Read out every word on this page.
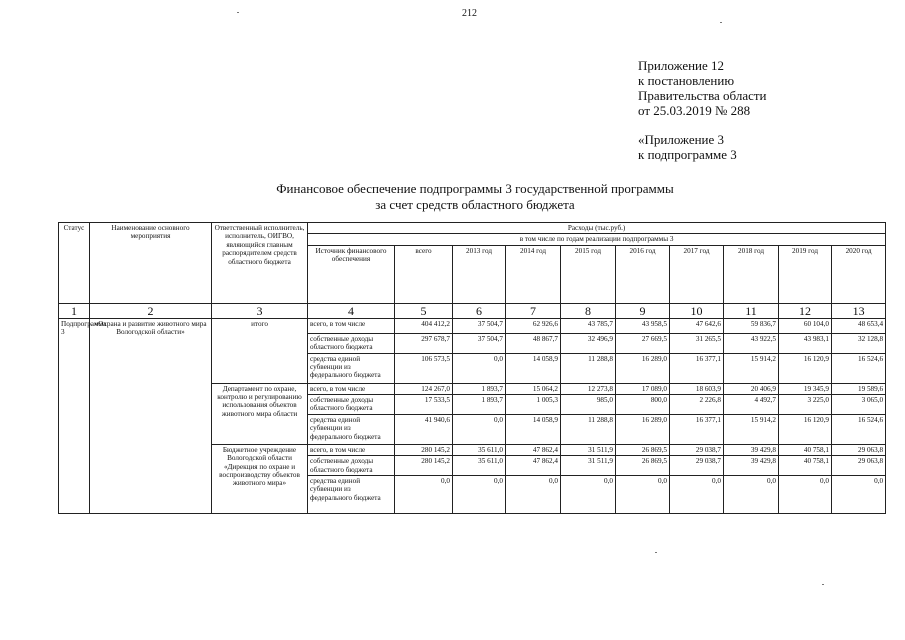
212
Приложение 12
к постановлению
Правительства области
от 25.03.2019 № 288
«Приложение 3
к подпрограмме 3
Финансовое обеспечение подпрограммы 3 государственной программы
за счет средств областного бюджета
Статус	Наименование основного мероприятия	Ответственный исполнитель, исполнитель, ОИГВО, являющийся главным распорядителем средств областного бюджета	Расходы (тыс.руб.)									
			в том числе по годам реализации подпрограммы 3									
			Источник финансового обеспечения	всего	2013 год	2014 год	2015 год	2016 год	2017 год	2018 год	2019 год	2020 год
1	2	3	4	5	6	7	8	9	10	11	12	13
Подпрограмма 3	«Охрана и развитие животного мира Вологодской области»	итого	всего, в том числе	404 412,2	37 504,7	62 926,6	43 785,7	43 958,5	47 642,6	59 836,7	60 104,0	48 653,4
			собственные доходы областного бюджета	297 678,7	37 504,7	48 867,7	32 496,9	27 669,5	31 265,5	43 922,5	43 983,1	32 128,8
			средства единой субвенции из федерального бюджета	106 573,5	0,0	14 058,9	11 288,8	16 289,0	16 377,1	15 914,2	16 120,9	16 524,6
		Департамент по охране, контролю и регулированию использования объектов животного мира области	всего, в том числе	124 267,0	1 893,7	15 064,2	12 273,8	17 089,0	18 603,9	20 406,9	19 345,9	19 589,6
			собственные доходы областного бюджета	17 533,5	1 893,7	1 005,3	985,0	800,0	2 226,8	4 492,7	3 225,0	3 065,0
			средства единой субвенции из федерального бюджета	41 940,6	0,0	14 058,9	11 288,8	16 289,0	16 377,1	15 914,2	16 120,9	16 524,6
		Бюджетное учреждение Вологодской области «Дирекция по охране и воспроизводству объектов животного мира»	всего, в том числе	280 145,2	35 611,0	47 862,4	31 511,9	26 869,5	29 038,7	39 429,8	40 758,1	29 063,8
			собственные доходы областного бюджета	280 145,2	35 611,0	47 862,4	31 511,9	26 869,5	29 038,7	39 429,8	40 758,1	29 063,8
			средства единой субвенции из федерального бюджета	0,0	0,0	0,0	0,0	0,0	0,0	0,0	0,0	0,0
